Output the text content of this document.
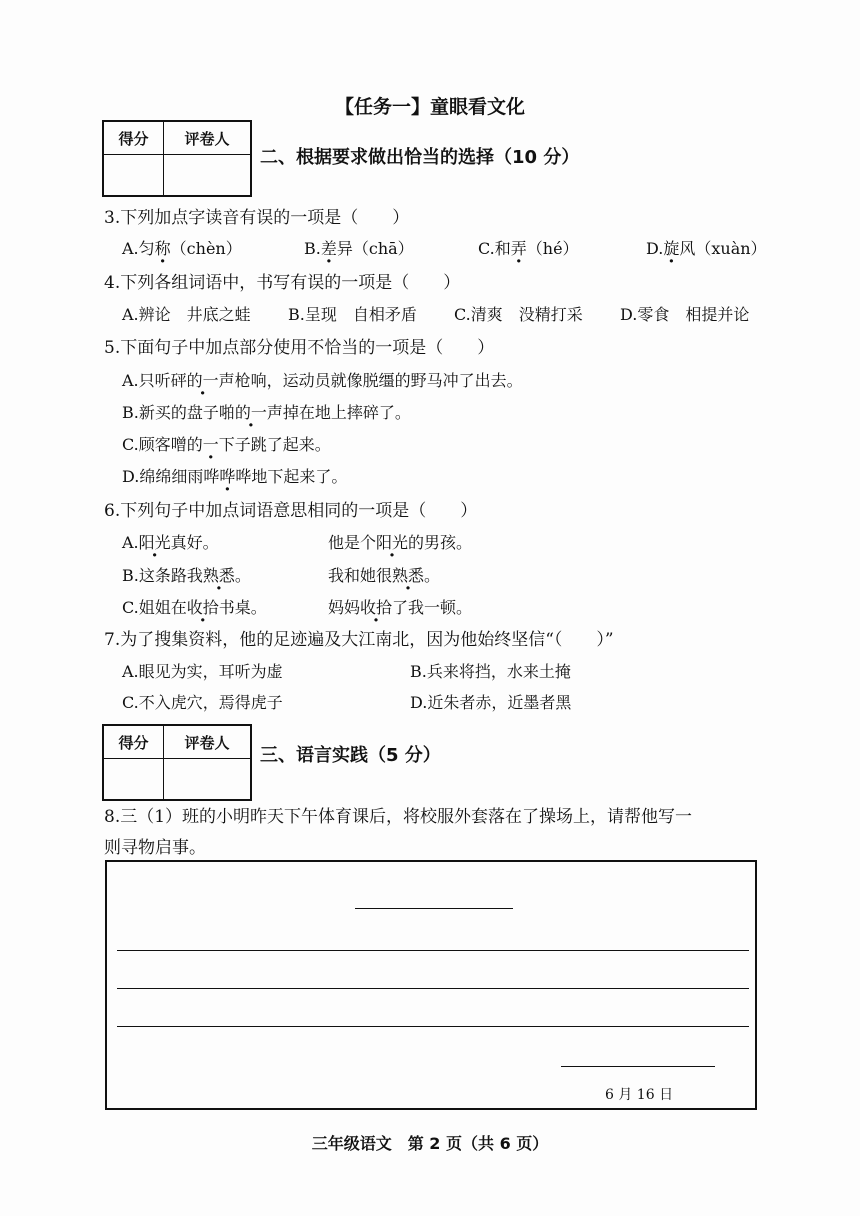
【任务一】童眼看文化
得分	评卷人

二、根据要求做出恰当的选择（10 分）
3.下列加点字读音有误的一项是（　　）
A.匀称（chèn）	B.差异（chā）	C.和弄（hé）	D.旋风（xuàn）
4.下列各组词语中，书写有误的一项是（　　）
A.辨论　井底之蛙 B.呈现　自相矛盾 C.清爽　没精打采 D.零食　相提并论
5.下面句子中加点部分使用不恰当的一项是（　　）
A.只听砰的一声枪响，运动员就像脱缰的野马冲了出去。
B.新买的盘子啪的一声掉在地上摔碎了。
C.顾客噌的一下子 ·跳了起来。
D.绵绵细雨哗哗哗地下起来了。
6.下列句子中加点词语意思相同的一项是（　　）
A.阳光真好。	他是个阳光的男孩。
B.这条路我熟悉。	我和她很熟悉。
C.姐姐在收拾书桌。	妈妈收拾了我一顿。
7.为了搜集资料，他的足迹遍及大江南北，因为他始终坚信“（　　）”
A.眼见为实，耳听为虚	B.兵来将挡，水来土掩
C.不入虎穴，焉得虎子	D.近朱者赤，近墨者黑
得分	评卷人

三、语言实践（5 分）
8.三（1）班的小明昨天下午体育课后，将校服外套落在了操场上，请帮他写一
则寻物启事。
6 月 16 日
三年级语文　第 2 页（共 6 页）
